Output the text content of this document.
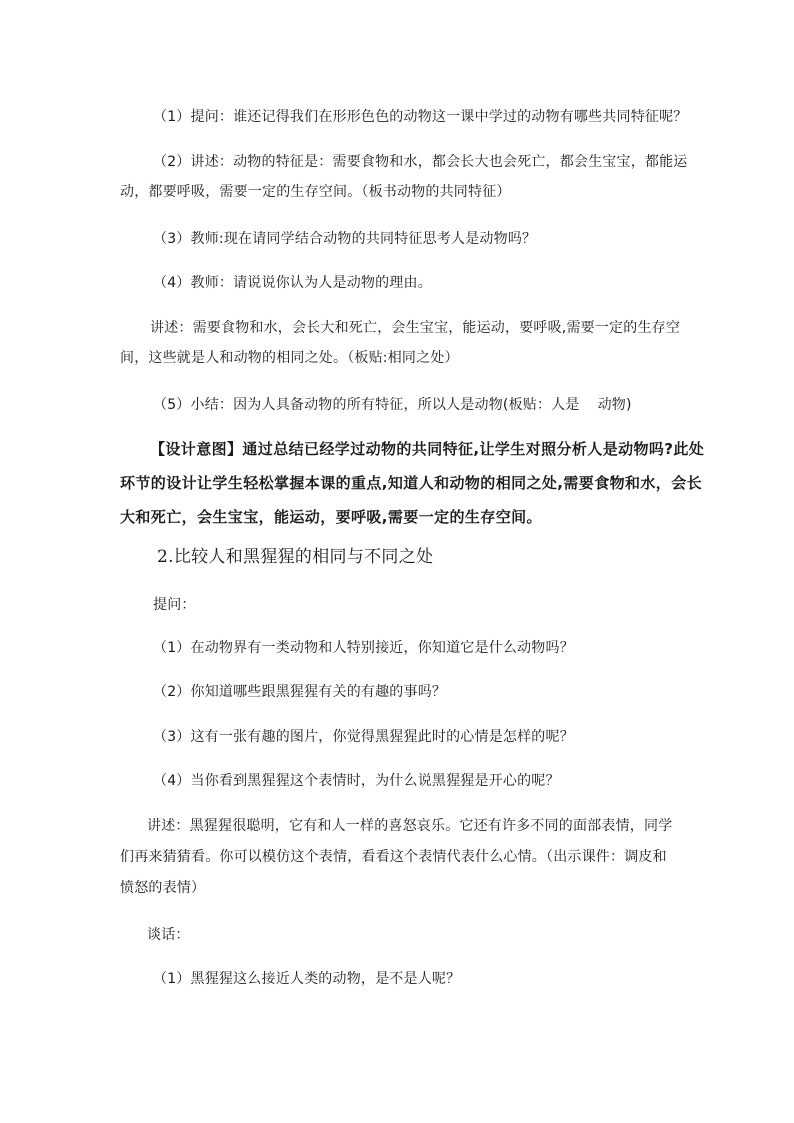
（1）提问：谁还记得我们在形形色色的动物这一课中学过的动物有哪些共同特征呢？
（2）讲述：动物的特征是：需要食物和水，都会长大也会死亡，都会生宝宝，都能运
动，都要呼吸，需要一定的生存空间。（板书动物的共同特征）
（3）教师:现在请同学结合动物的共同特征思考人是动物吗？
（4）教师：请说说你认为人是动物的理由。
讲述：需要食物和水，会长大和死亡，会生宝宝，能运动，要呼吸,需要一定的生存空
间，这些就是人和动物的相同之处。（板贴:相同之处）
（5）小结：因为人具备动物的所有特征，所以人是动物(板贴：人是 动物)
【设计意图】通过总结已经学过动物的共同特征,让学生对照分析人是动物吗?此处
环节的设计让学生轻松掌握本课的重点,知道人和动物的相同之处,需要食物和水，会长
大和死亡，会生宝宝，能运动，要呼吸,需要一定的生存空间。
2.比较人和黑猩猩的相同与不同之处
提问：
（1）在动物界有一类动物和人特别接近，你知道它是什么动物吗？
（2）你知道哪些跟黑猩猩有关的有趣的事吗？
（3）这有一张有趣的图片，你觉得黑猩猩此时的心情是怎样的呢？
（4）当你看到黑猩猩这个表情时，为什么说黑猩猩是开心的呢？
讲述：黑猩猩很聪明，它有和人一样的喜怒哀乐。它还有许多不同的面部表情，同学
们再来猜猜看。你可以模仿这个表情，看看这个表情代表什么心情。（出示课件：调皮和
愤怒的表情）
谈话：
（1）黑猩猩这么接近人类的动物，是不是人呢？
